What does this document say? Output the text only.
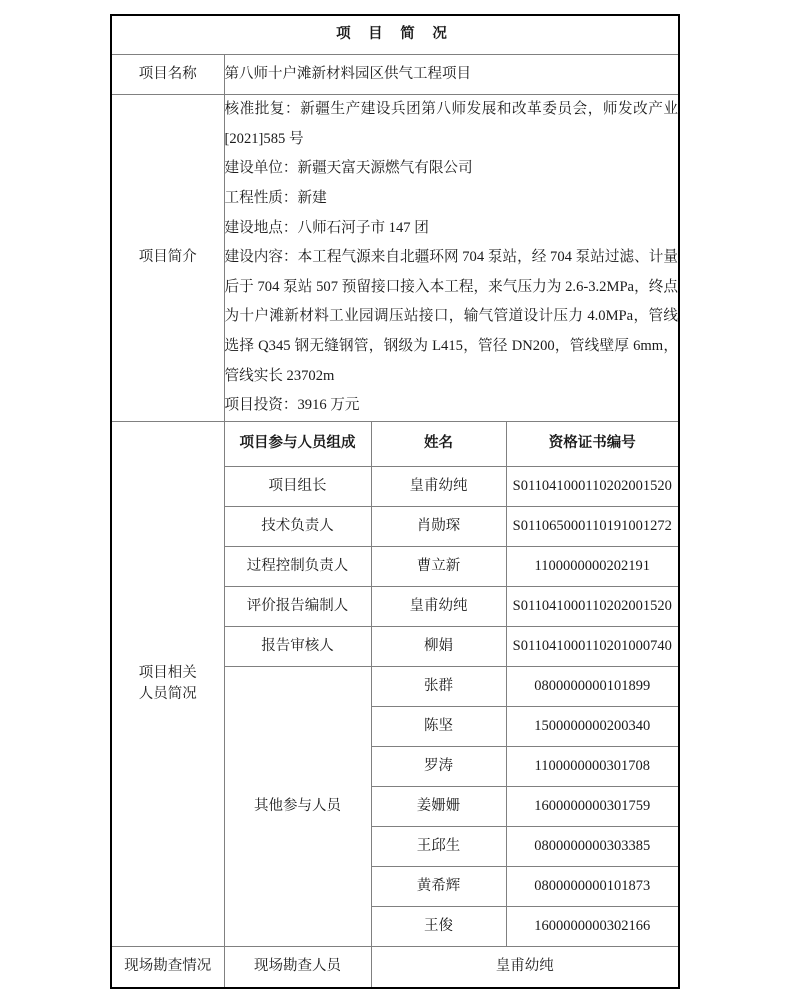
项 目 简 况			
项目名称	第八师十户滩新材料园区供气工程项目		
项目简介	

核准批复：新疆生产建设兵团第八师发展和改革委员会，师发改产业[2021]585 号

建设单位：新疆天富天源燃气有限公司

工程性质：新建

建设地点：八师石河子市 147 团

建设内容：本工程气源来自北疆环网 704 泵站，经 704 泵站过滤、计量后于 704 泵站 507 预留接口接入本工程，来气压力为 2.6-3.2MPa，终点为十户滩新材料工业园调压站接口，输气管道设计压力 4.0MPa，管线选择 Q345 钢无缝钢管，钢级为 L415，管径 DN200，管线壁厚 6mm，管线实长 23702m

项目投资：3916 万元

项目相关
人员简况	项目参与人员组成	姓名	资格证书编号
	项目组长	皇甫幼纯	S011041000110202001520
	技术负责人	肖勋琛	S011065000110191001272
	过程控制负责人	曹立新	1100000000202191
	评价报告编制人	皇甫幼纯	S011041000110202001520
	报告审核人	柳娟	S011041000110201000740
	其他参与人员	张群	0800000000101899
		陈坚	1500000000200340
		罗涛	1100000000301708
		姜姗姗	1600000000301759
		王邱生	0800000000303385
		黄希辉	0800000000101873
		王俊	1600000000302166
现场勘查情况	现场勘查人员	皇甫幼纯	
